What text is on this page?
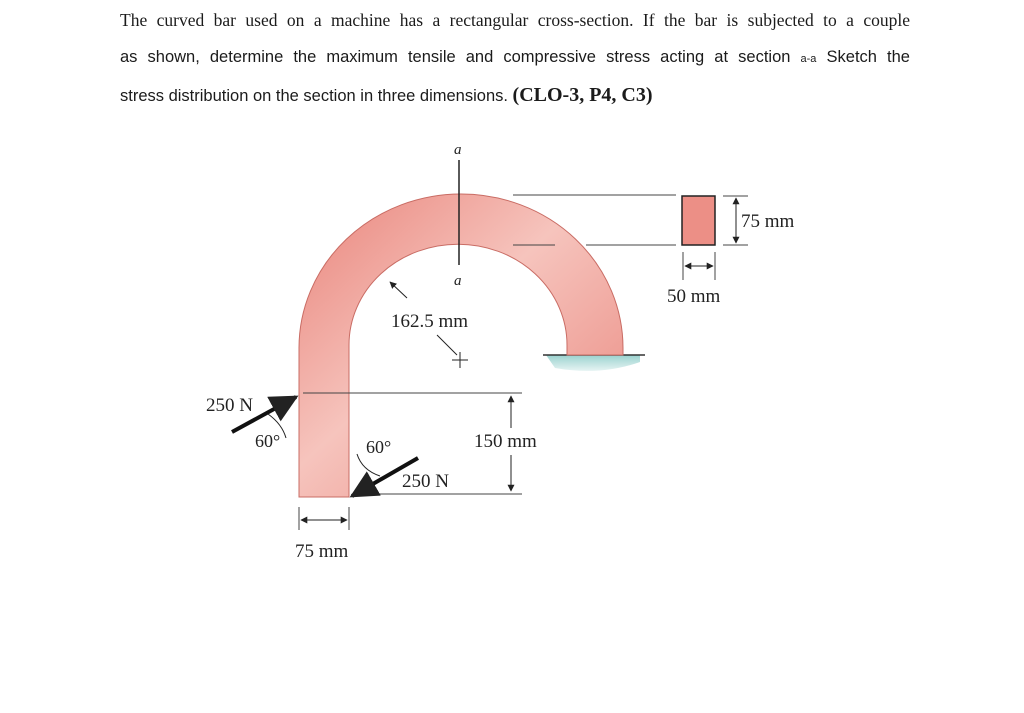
The curved bar used on a machine has a rectangular cross-section. If the bar is subjected to a couple
as shown, determine the maximum tensile and compressive stress acting at section a-a Sketch the
stress distribution on the section in three dimensions. (CLO-3, P4, C3)
a
a
75 mm
50 mm
162.5 mm
150 mm
250 N
60°
250 N
60°
75 mm
